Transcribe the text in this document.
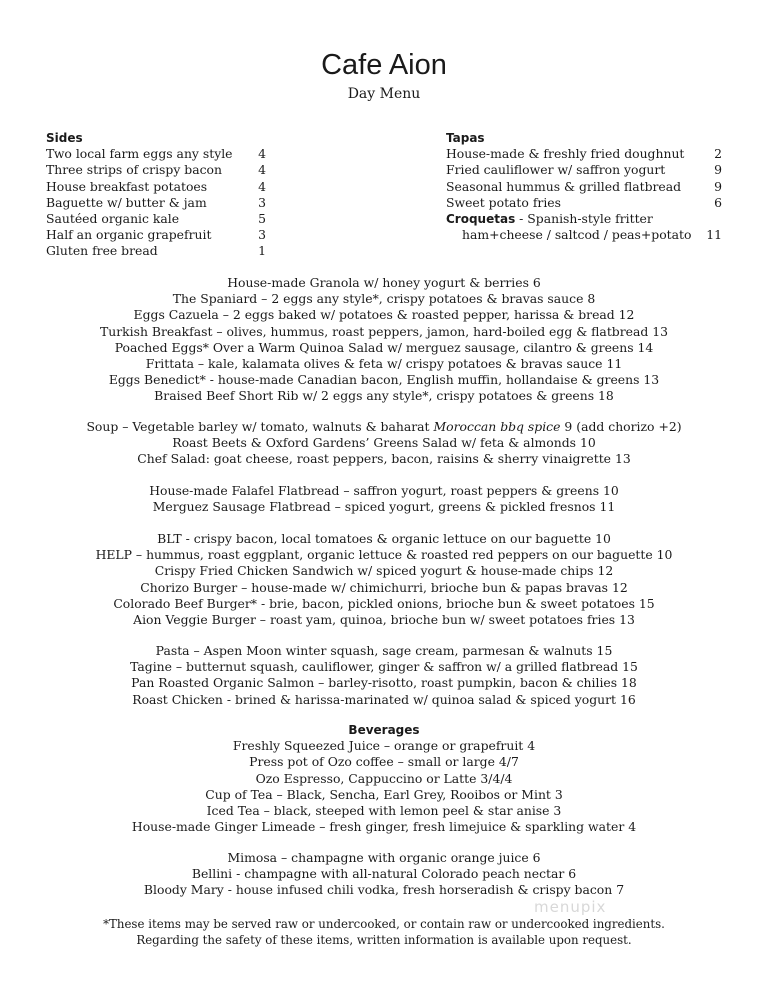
Cafe Aion
Day Menu
Sides
Two local farm eggs any style 4
Three strips of crispy bacon	4
House breakfast potatoes	4
Baguette w/ butter & jam	3
Sautéed organic kale	5
Half an organic grapefruit	3
Gluten free bread	1
Tapas
House-made & freshly fried doughnut 2
Fried cauliflower w/ saffron yogurt	9
Seasonal hummus & grilled flatbread	9
Sweet potato fries	6
Croquetas - Spanish-style fritter
ham+cheese / saltcod / peas+potato 11
House-made Granola w/ honey yogurt & berries 6
The Spaniard – 2 eggs any style*, crispy potatoes & bravas sauce 8
Eggs Cazuela – 2 eggs baked w/ potatoes & roasted pepper, harissa & bread 12
Turkish Breakfast – olives, hummus, roast peppers, jamon, hard-boiled egg & flatbread 13
Poached Eggs* Over a Warm Quinoa Salad w/ merguez sausage, cilantro & greens 14
Frittata – kale, kalamata olives & feta w/ crispy potatoes & bravas sauce 11
Eggs Benedict* - house-made Canadian bacon, English muffin, hollandaise & greens 13
Braised Beef Short Rib w/ 2 eggs any style*, crispy potatoes & greens 18
Soup – Vegetable barley w/ tomato, walnuts & baharat Moroccan bbq spice 9 (add chorizo +2)
Roast Beets & Oxford Gardens’ Greens Salad w/ feta & almonds 10
Chef Salad: goat cheese, roast peppers, bacon, raisins & sherry vinaigrette 13
House-made Falafel Flatbread – saffron yogurt, roast peppers & greens 10
Merguez Sausage Flatbread – spiced yogurt, greens & pickled fresnos 11
BLT - crispy bacon, local tomatoes & organic lettuce on our baguette 10
HELP – hummus, roast eggplant, organic lettuce & roasted red peppers on our baguette 10
Crispy Fried Chicken Sandwich w/ spiced yogurt & house-made chips 12
Chorizo Burger – house-made w/ chimichurri, brioche bun & papas bravas 12
Colorado Beef Burger* - brie, bacon, pickled onions, brioche bun & sweet potatoes 15
Aion Veggie Burger – roast yam, quinoa, brioche bun w/ sweet potatoes fries 13
Pasta – Aspen Moon winter squash, sage cream, parmesan & walnuts 15
Tagine – butternut squash, cauliflower, ginger & saffron w/ a grilled flatbread 15
Pan Roasted Organic Salmon – barley-risotto, roast pumpkin, bacon & chilies 18
Roast Chicken - brined & harissa-marinated w/ quinoa salad & spiced yogurt 16
Beverages
Freshly Squeezed Juice – orange or grapefruit 4
Press pot of Ozo coffee – small or large 4/7
Ozo Espresso, Cappuccino or Latte 3/4/4
Cup of Tea – Black, Sencha, Earl Grey, Rooibos or Mint 3
Iced Tea – black, steeped with lemon peel & star anise 3
House-made Ginger Limeade – fresh ginger, fresh limejuice & sparkling water 4
Mimosa – champagne with organic orange juice 6
Bellini - champagne with all-natural Colorado peach nectar 6
Bloody Mary - house infused chili vodka, fresh horseradish & crispy bacon 7
menupix
*These items may be served raw or undercooked, or contain raw or undercooked ingredients.
Regarding the safety of these items, written information is available upon request.
